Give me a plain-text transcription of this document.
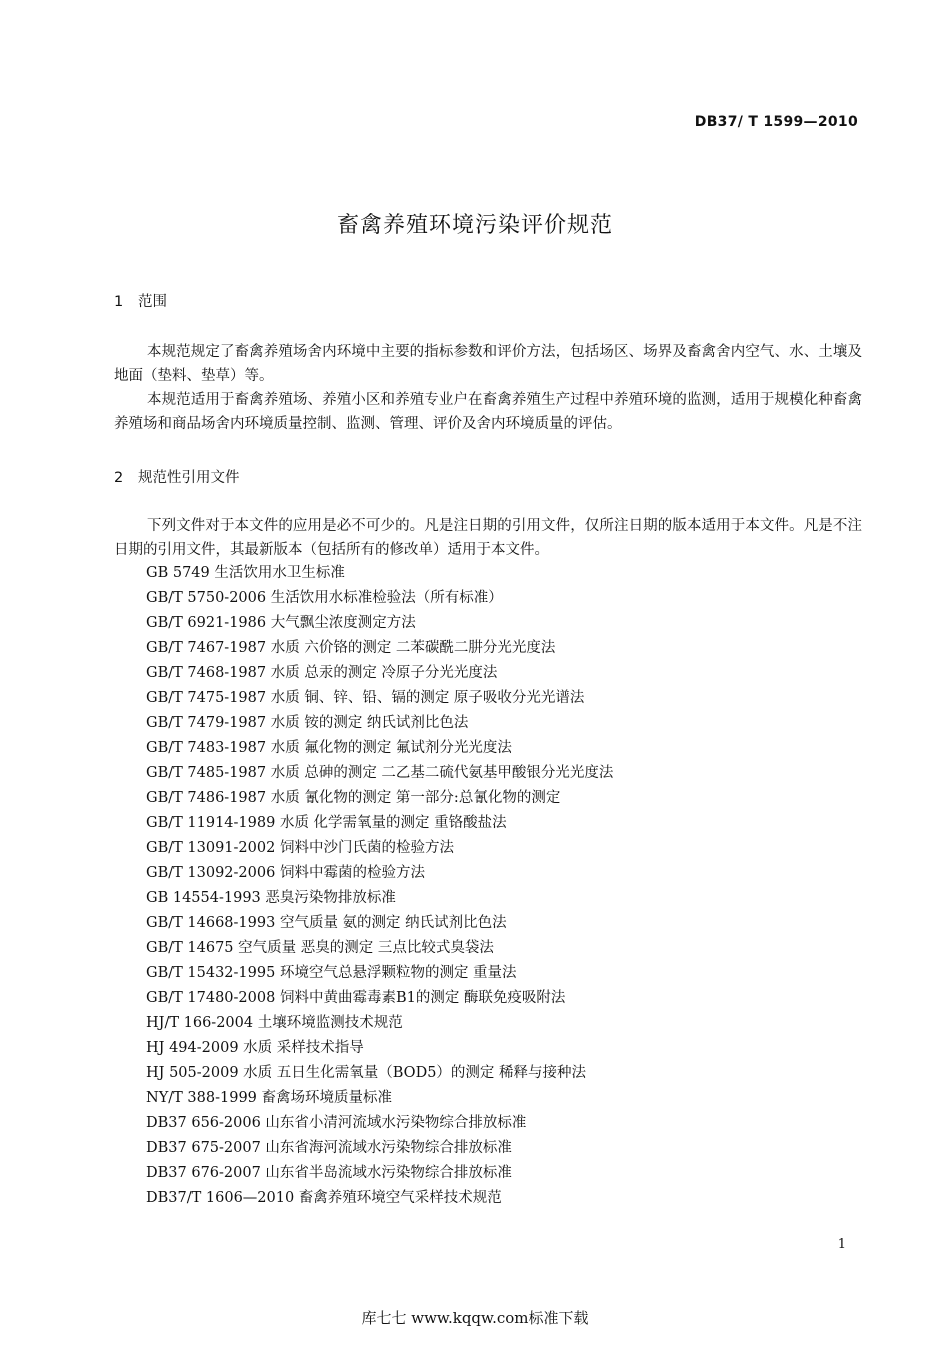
DB37/ T 1599—2010
畜禽养殖环境污染评价规范
1 范围

本规范规定了畜禽养殖场舍内环境中主要的指标参数和评价方法，包括场区、场界及畜禽舍内空气、水、土壤及地面（垫料、垫草）等。

本规范适用于畜禽养殖场、养殖小区和养殖专业户在畜禽养殖生产过程中养殖环境的监测，适用于规模化种畜禽养殖场和商品场舍内环境质量控制、监测、管理、评价及舍内环境质量的评估。

2 规范性引用文件

下列文件对于本文件的应用是必不可少的。凡是注日期的引用文件，仅所注日期的版本适用于本文件。凡是不注日期的引用文件，其最新版本（包括所有的修改单）适用于本文件。

GB 5749 生活饮用水卫生标准
GB/T 5750-2006 生活饮用水标准检验法（所有标准）
GB/T 6921-1986 大气飘尘浓度测定方法
GB/T 7467-1987 水质 六价铬的测定 二苯碳酰二肼分光光度法
GB/T 7468-1987 水质 总汞的测定 冷原子分光光度法
GB/T 7475-1987 水质 铜、锌、铅、镉的测定 原子吸收分光光谱法
GB/T 7479-1987 水质 铵的测定 纳氏试剂比色法
GB/T 7483-1987 水质 氟化物的测定 氟试剂分光光度法
GB/T 7485-1987 水质 总砷的测定 二乙基二硫代氨基甲酸银分光光度法
GB/T 7486-1987 水质 氰化物的测定 第一部分:总氰化物的测定
GB/T 11914-1989 水质 化学需氧量的测定 重铬酸盐法
GB/T 13091-2002 饲料中沙门氏菌的检验方法
GB/T 13092-2006 饲料中霉菌的检验方法
GB 14554-1993 恶臭污染物排放标准
GB/T 14668-1993 空气质量 氨的测定 纳氏试剂比色法
GB/T 14675 空气质量 恶臭的测定 三点比较式臭袋法
GB/T 15432-1995 环境空气总悬浮颗粒物的测定 重量法
GB/T 17480-2008 饲料中黄曲霉毒素B1的测定 酶联免疫吸附法
HJ/T 166-2004 土壤环境监测技术规范
HJ 494-2009 水质 采样技术指导
HJ 505-2009 水质 五日生化需氧量（BOD5）的测定 稀释与接种法
NY/T 388-1999 畜禽场环境质量标准
DB37 656-2006 山东省小清河流域水污染物综合排放标准
DB37 675-2007 山东省海河流域水污染物综合排放标准
DB37 676-2007 山东省半岛流域水污染物综合排放标准
DB37/T 1606—2010 畜禽养殖环境空气采样技术规范
1
库七七 www.kqqw.com标准下载
